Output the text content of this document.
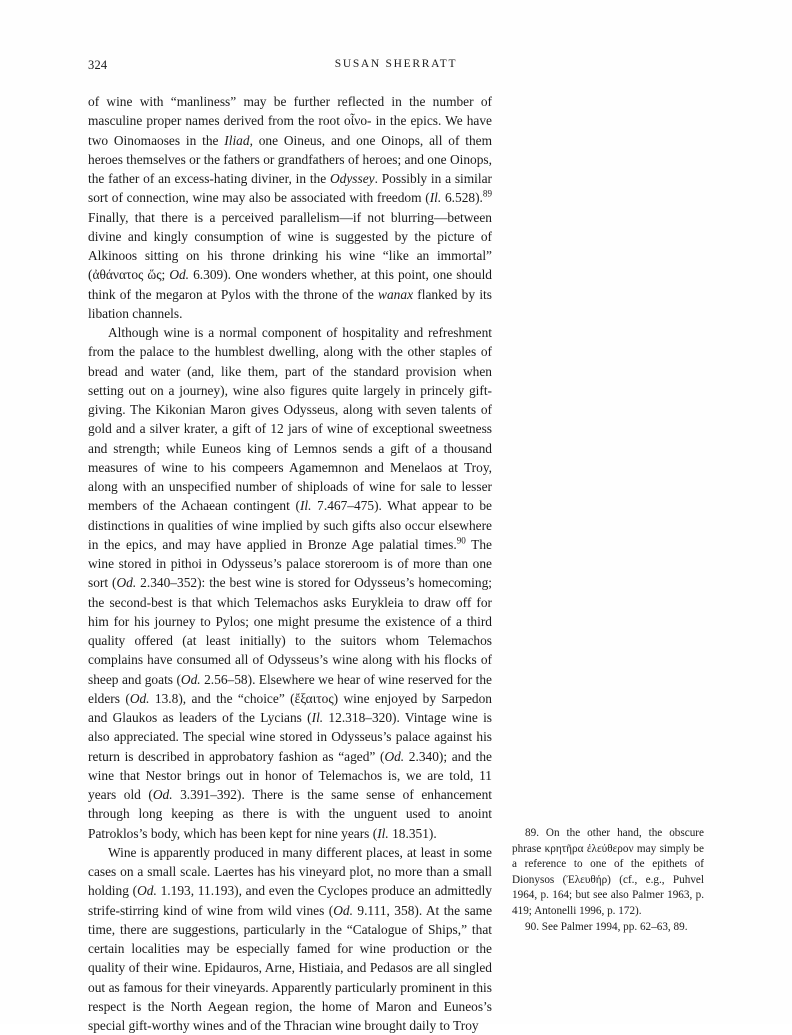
324	SUSAN SHERRATT

of wine with “manliness” may be further reflected in the number of masculine proper names derived from the root οἶνο- in the epics. We have two Oinomaoses in the Iliad, one Oineus, and one Oinops, all of them heroes themselves or the fathers or grandfathers of heroes; and one Oinops, the father of an excess-hating diviner, in the Odyssey. Possibly in a similar sort of connection, wine may also be associated with freedom (Il. 6.528).$^{89}$ Finally, that there is a perceived parallelism—if not blurring—between divine and kingly consumption of wine is suggested by the picture of Alkinoos sitting on his throne drinking his wine “like an immortal” (ἀθάνατος ὥς; Od. 6.309). One wonders whether, at this point, one should think of the megaron at Pylos with the throne of the wanax flanked by its libation channels.

Although wine is a normal component of hospitality and refreshment from the palace to the humblest dwelling, along with the other staples of bread and water (and, like them, part of the standard provision when setting out on a journey), wine also figures quite largely in princely gift-giving. The Kikonian Maron gives Odysseus, along with seven talents of gold and a silver krater, a gift of 12 jars of wine of exceptional sweetness and strength; while Euneos king of Lemnos sends a gift of a thousand measures of wine to his compeers Agamemnon and Menelaos at Troy, along with an unspecified number of shiploads of wine for sale to lesser members of the Achaean contingent (Il. 7.467–475). What appear to be distinctions in qualities of wine implied by such gifts also occur elsewhere in the epics, and may have applied in Bronze Age palatial times.$^{90}$ The wine stored in pithoi in Odysseus’s palace storeroom is of more than one sort (Od. 2.340–352): the best wine is stored for Odysseus’s homecoming; the second-best is that which Telemachos asks Eurykleia to draw off for him for his journey to Pylos; one might presume the existence of a third quality offered (at least initially) to the suitors whom Telemachos complains have consumed all of Odysseus’s wine along with his flocks of sheep and goats (Od. 2.56–58). Elsewhere we hear of wine reserved for the elders (Od. 13.8), and the “choice” (ἔξαιτος) wine enjoyed by Sarpedon and Glaukos as leaders of the Lycians (Il. 12.318–320). Vintage wine is also appreciated. The special wine stored in Odysseus’s palace against his return is described in approbatory fashion as “aged” (Od. 2.340); and the wine that Nestor brings out in honor of Telemachos is, we are told, 11 years old (Od. 3.391–392). There is the same sense of enhancement through long keeping as there is with the unguent used to anoint Patroklos’s body, which has been kept for nine years (Il. 18.351).

Wine is apparently produced in many different places, at least in some cases on a small scale. Laertes has his vineyard plot, no more than a small holding (Od. 1.193, 11.193), and even the Cyclopes produce an admittedly strife-stirring kind of wine from wild vines (Od. 9.111, 358). At the same time, there are suggestions, particularly in the “Catalogue of Ships,” that certain localities may be especially famed for wine production or the quality of their wine. Epidauros, Arne, Histiaia, and Pedasos are all singled out as famous for their vineyards. Apparently particularly prominent in this respect is the North Aegean region, the home of Maron and Euneos’s special gift-worthy wines and of the Thracian wine brought daily to Troy

89. On the other hand, the obscure phrase κρητῆρα ἐλεύθερον may simply be a reference to one of the epithets of Dionysos (Ἐλευθήρ) (cf., e.g., Puhvel 1964, p. 164; but see also Palmer 1963, p. 419; Antonelli 1996, p. 172).

90. See Palmer 1994, pp. 62–63, 89.
